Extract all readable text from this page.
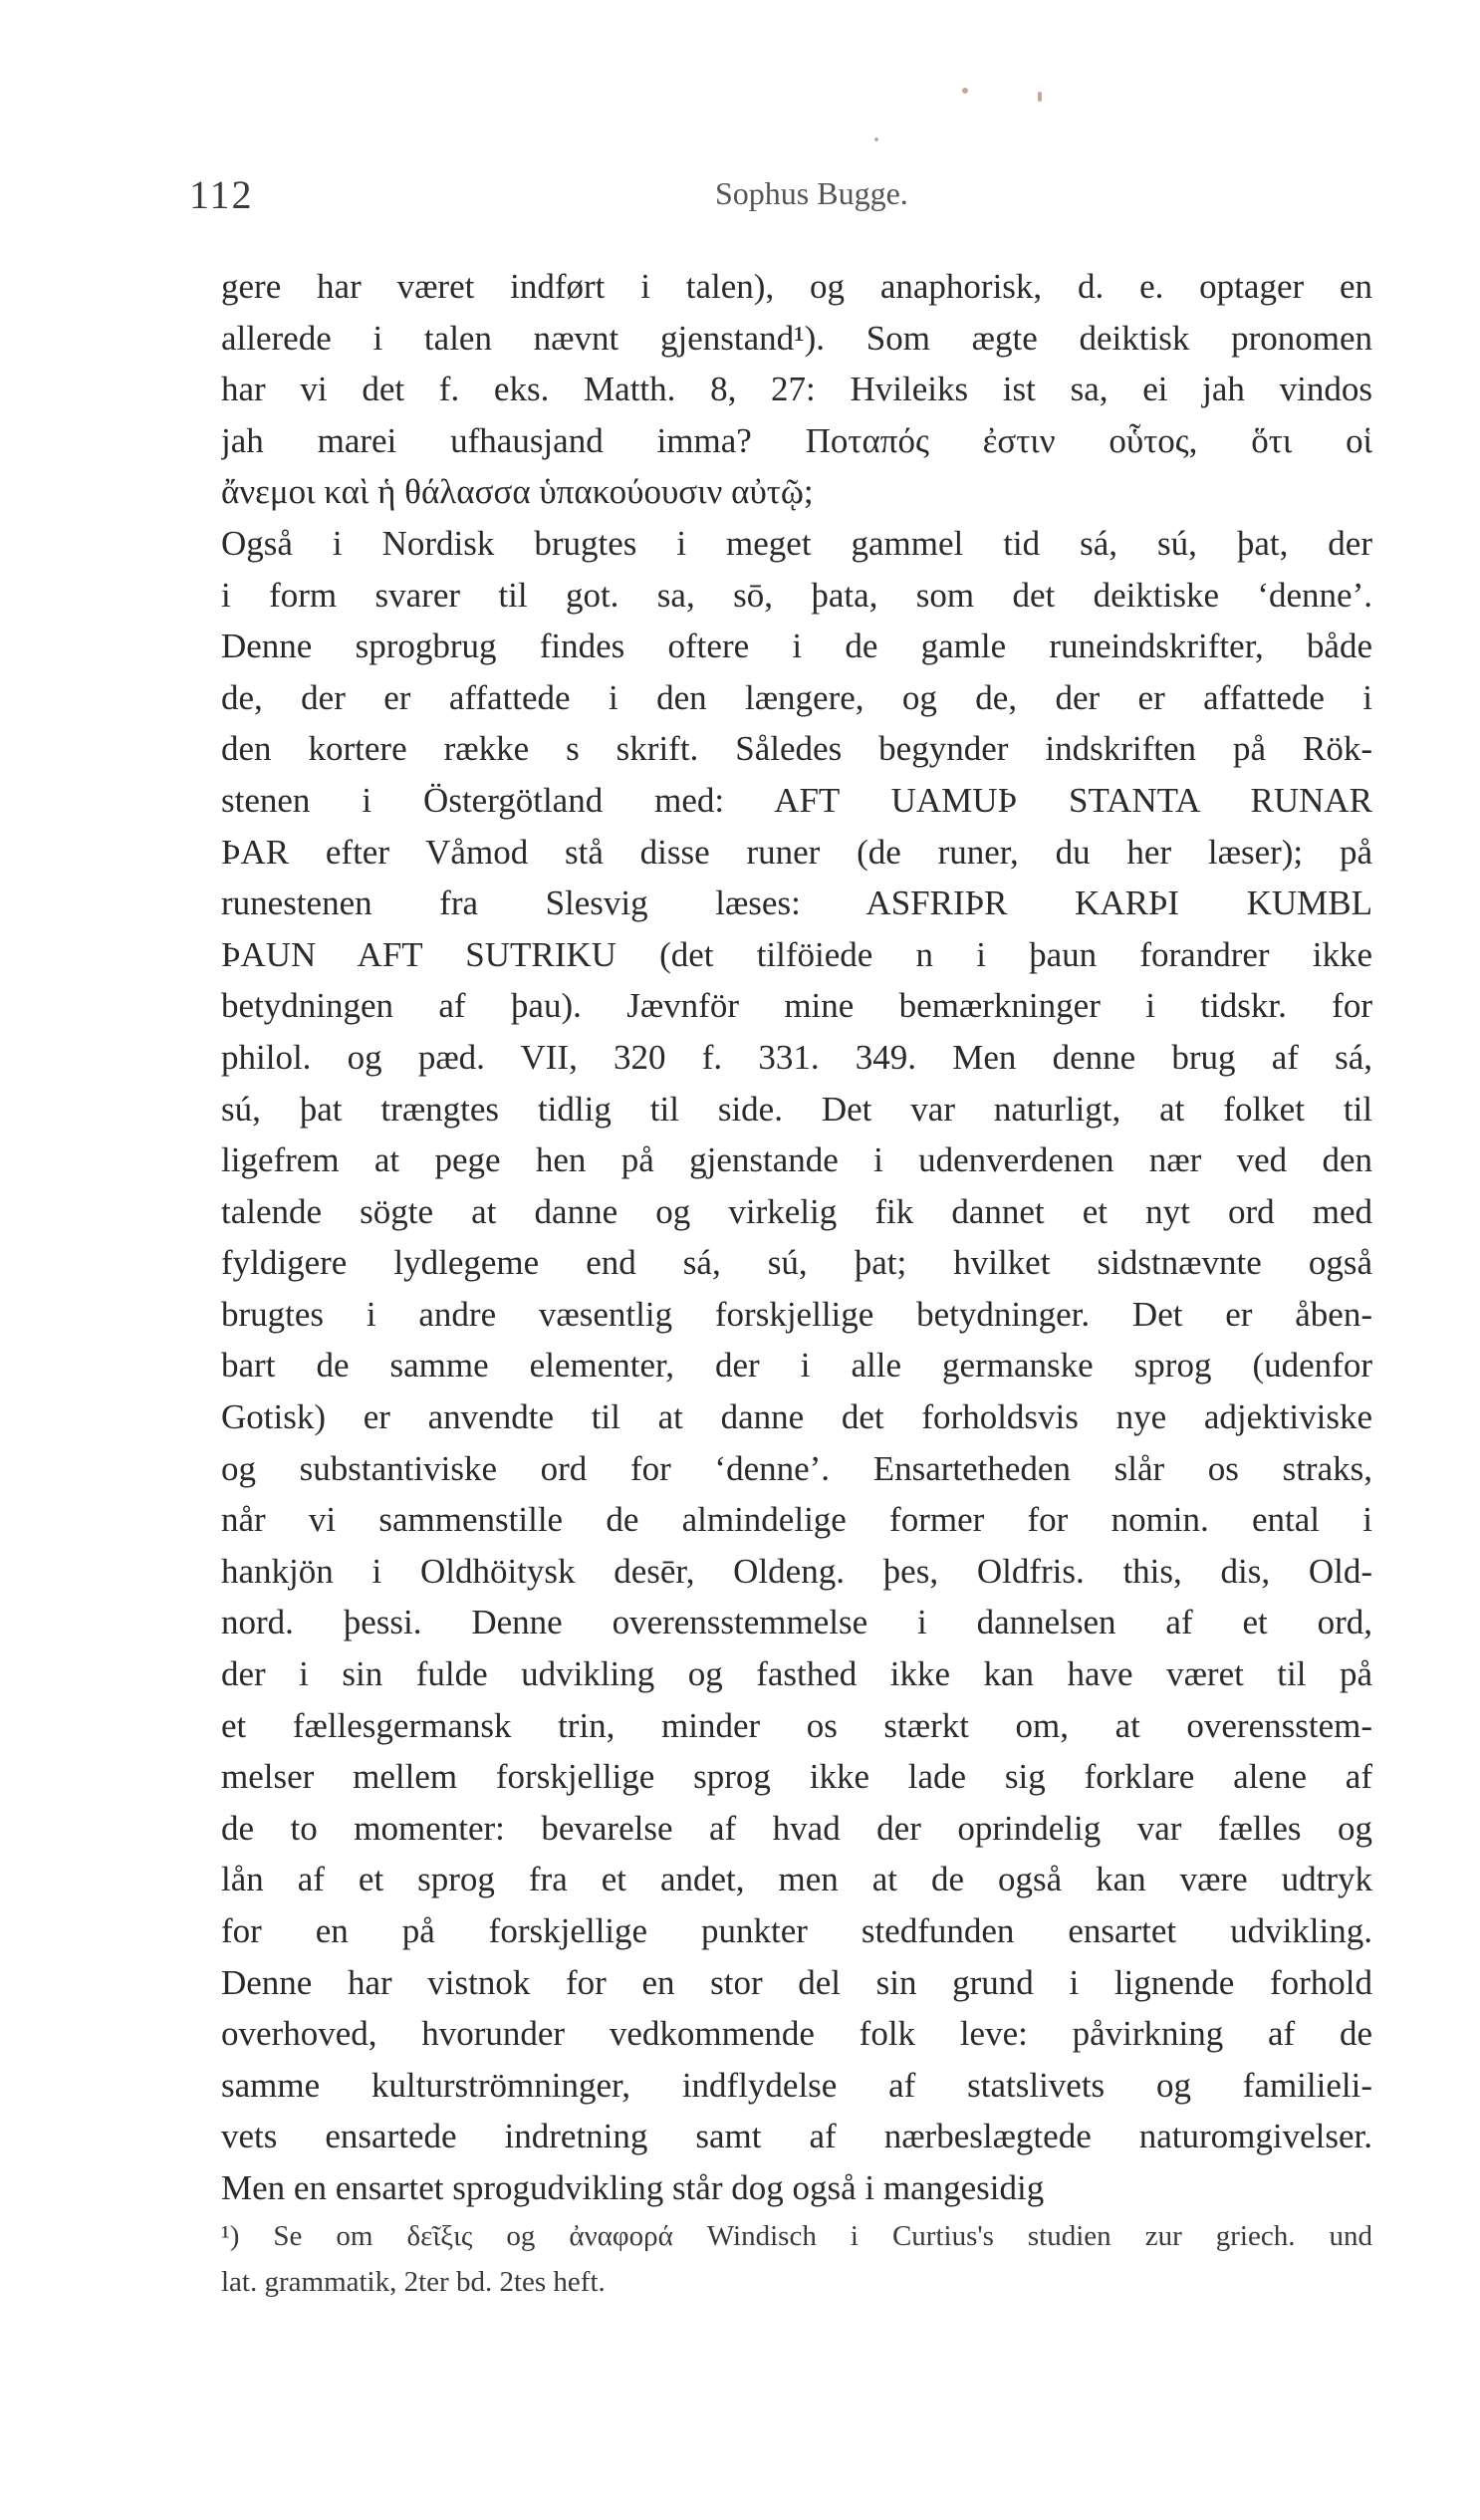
112	Sophus Bugge.
gere har været indført i talen), og anaphorisk, d. e. optager en
allerede i talen nævnt gjenstand¹). Som ægte deiktisk pronomen
har vi det f. eks. Matth. 8, 27: Hvileiks ist sa, ei jah vindos
jah marei ufhausjand imma? Ποταπός ἐστιν οὗτος, ὅτι οἱ
ἄνεμοι καὶ ἡ θάλασσα ὑπακούουσιν αὐτῷ;
Også i Nordisk brugtes i meget gammel tid sá, sú, þat, der
i form svarer til got. sa, sō, þata, som det deiktiske ‘denne’.
Denne sprogbrug findes oftere i de gamle runeindskrifter, både
de, der er affattede i den længere, og de, der er affattede i
den kortere række s skrift. Således begynder indskriften på Rök-
stenen i Östergötland med: AFT UAMUÞ STANTA RUNAR
ÞAR efter Våmod stå disse runer (de runer, du her læser); på
runestenen fra Slesvig læses: ASFRIÞR KARÞI KUMBL
ÞAUN AFT SUTRIKU (det tilföiede n i þaun forandrer ikke
betydningen af þau). Jævnför mine bemærkninger i tidskr. for
philol. og pæd. VII, 320 f. 331. 349. Men denne brug af sá,
sú, þat trængtes tidlig til side. Det var naturligt, at folket til
ligefrem at pege hen på gjenstande i udenverdenen nær ved den
talende sögte at danne og virkelig fik dannet et nyt ord med
fyldigere lydlegeme end sá, sú, þat; hvilket sidstnævnte også
brugtes i andre væsentlig forskjellige betydninger. Det er åben-
bart de samme elementer, der i alle germanske sprog (udenfor
Gotisk) er anvendte til at danne det forholdsvis nye adjektiviske
og substantiviske ord for ‘denne’. Ensartetheden slår os straks,
når vi sammenstille de almindelige former for nomin. ental i
hankjön i Oldhöitysk desēr, Oldeng. þes, Oldfris. this, dis, Old-
nord. þessi. Denne overensstemmelse i dannelsen af et ord,
der i sin fulde udvikling og fasthed ikke kan have været til på
et fællesgermansk trin, minder os stærkt om, at overensstem-
melser mellem forskjellige sprog ikke lade sig forklare alene af
de to momenter: bevarelse af hvad der oprindelig var fælles og
lån af et sprog fra et andet, men at de også kan være udtryk
for en på forskjellige punkter stedfunden ensartet udvikling.
Denne har vistnok for en stor del sin grund i lignende forhold
overhoved, hvorunder vedkommende folk leve: påvirkning af de
samme kulturströmninger, indflydelse af statslivets og familieli-
vets ensartede indretning samt af nærbeslægtede naturomgivelser.
Men en ensartet sprogudvikling står dog også i mangesidig
¹) Se om δεῖξις og ἀναφορά Windisch i Curtius's studien zur griech. und
lat. grammatik, 2ter bd. 2tes heft.
